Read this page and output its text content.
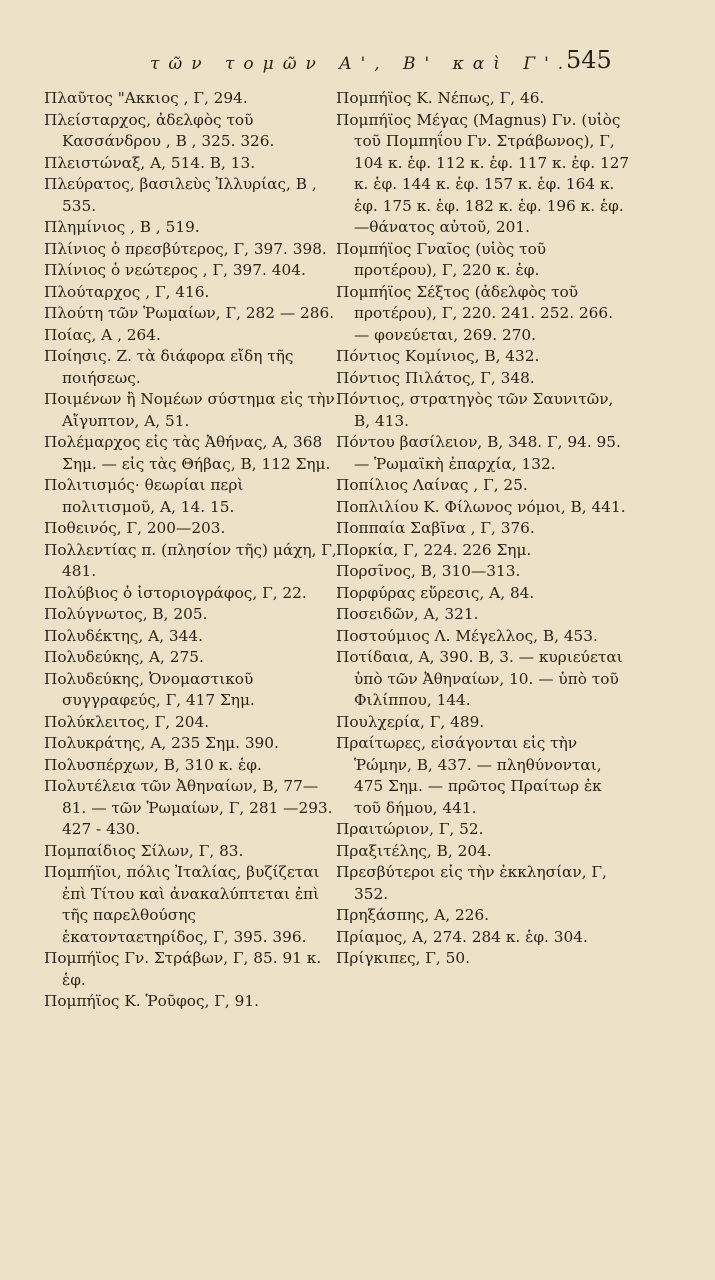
τῶν τομῶν Α', Β' καὶ Γ'.
545

Πλαῦτος "Ακκιος , Γ, 294.

Πλείσταρχος, ἀδελφὸς τοῦ Κασσάνδρου , Β , 325. 326.

Πλειστώναξ, Α, 514. Β, 13.

Πλεύρατος, βασιλεὺς Ἰλλυρίας, Β , 535.

Πλημίνιος , Β , 519.

Πλίνιος ὁ πρεσβύτερος, Γ, 397. 398.

Πλίνιος ὁ νεώτερος , Γ, 397. 404.

Πλούταρχος , Γ, 416.

Πλούτη τῶν Ῥωμαίων, Γ, 282 — 286.

Ποίας, Α , 264.

Ποίησις. Ζ. τὰ διάφορα εἴδη τῆς ποιήσεως.

Ποιμένων ἢ Νομέων σύστημα εἰς τὴν Αἴγυπτον, Α, 51.

Πολέμαρχος εἰς τὰς Ἀθήνας, Α, 368 Σημ. — εἰς τὰς Θήβας, Β, 112 Σημ.

Πολιτισμός· θεωρίαι περὶ πολιτισμοῦ, Α, 14. 15.

Ποθεινός, Γ, 200—203.

Πολλεντίας π. (πλησίον τῆς) μάχη, Γ, 481.

Πολύβιος ὁ ἱστοριογράφος, Γ, 22.

Πολύγνωτος, Β, 205.

Πολυδέκτης, Α, 344.

Πολυδεύκης, Α, 275.

Πολυδεύκης, Ὀνομαστικοῦ συγγραφεύς, Γ, 417 Σημ.

Πολύκλειτος, Γ, 204.

Πολυκράτης, Α, 235 Σημ. 390.

Πολυσπέρχων, Β, 310 κ. ἑφ.

Πολυτέλεια τῶν Ἀθηναίων, Β, 77—81. — τῶν Ῥωμαίων, Γ, 281 —293. 427 - 430.

Πομπαίδιος Σίλων, Γ, 83.

Πομπήϊοι, πόλις Ἰταλίας, βυζίζεται ἐπὶ Τίτου καὶ ἀνακαλύπτεται ἐπὶ τῆς παρελθούσης ἑκατονταετηρίδος, Γ, 395. 396.

Πομπήϊος Γν. Στράβων, Γ, 85. 91 κ. ἑφ.

Πομπήϊος Κ. Ῥοῦφος, Γ, 91.

Πομπήϊος Κ. Νέπως, Γ, 46.

Πομπήϊος Μέγας (Magnus) Γν. (υἱὸς τοῦ Πομπηΐου Γν. Στράβωνος), Γ, 104 κ. ἑφ. 112 κ. ἑφ. 117 κ. ἑφ. 127 κ. ἑφ. 144 κ. ἑφ. 157 κ. ἑφ. 164 κ. ἑφ. 175 κ. ἑφ. 182 κ. ἑφ. 196 κ. ἑφ. —θάνατος αὐτοῦ, 201.

Πομπήϊος Γναῖος (υἱὸς τοῦ προτέρου), Γ, 220 κ. ἑφ.

Πομπήϊος Σέξτος (ἀδελφὸς τοῦ προτέρου), Γ, 220. 241. 252. 266. — φονεύεται, 269. 270.

Πόντιος Κομίνιος, Β, 432.

Πόντιος Πιλάτος, Γ, 348.

Πόντιος, στρατηγὸς τῶν Σαυνιτῶν, Β, 413.

Πόντου βασίλειον, Β, 348. Γ, 94. 95. — Ῥωμαϊκὴ ἐπαρχία, 132.

Ποπίλιος Λαίνας , Γ, 25.

Ποπλιλίου Κ. Φίλωνος νόμοι, Β, 441.

Ποππαία Σαβῖνα , Γ, 376.

Πορκία, Γ, 224. 226 Σημ.

Πορσῖνος, Β, 310—313.

Πορφύρας εὕρεσις, Α, 84.

Ποσειδῶν, Α, 321.

Ποστούμιος Λ. Μέγελλος, Β, 453.

Ποτίδαια, Α, 390. Β, 3. — κυριεύεται ὑπὸ τῶν Ἀθηναίων, 10. — ὑπὸ τοῦ Φιλίππου, 144.

Πουλχερία, Γ, 489.

Πραίτωρες, εἰσάγονται εἰς τὴν Ῥώμην, Β, 437. — πληθύνονται, 475 Σημ. — πρῶτος Πραίτωρ ἐκ τοῦ δήμου, 441.

Πραιτώριον, Γ, 52.

Πραξιτέλης, Β, 204.

Πρεσβύτεροι εἰς τὴν ἐκκλησίαν, Γ, 352.

Πρηξάσπης, Α, 226.

Πρίαμος, Α, 274. 284 κ. ἑφ. 304.

Πρίγκιπες, Γ, 50.
